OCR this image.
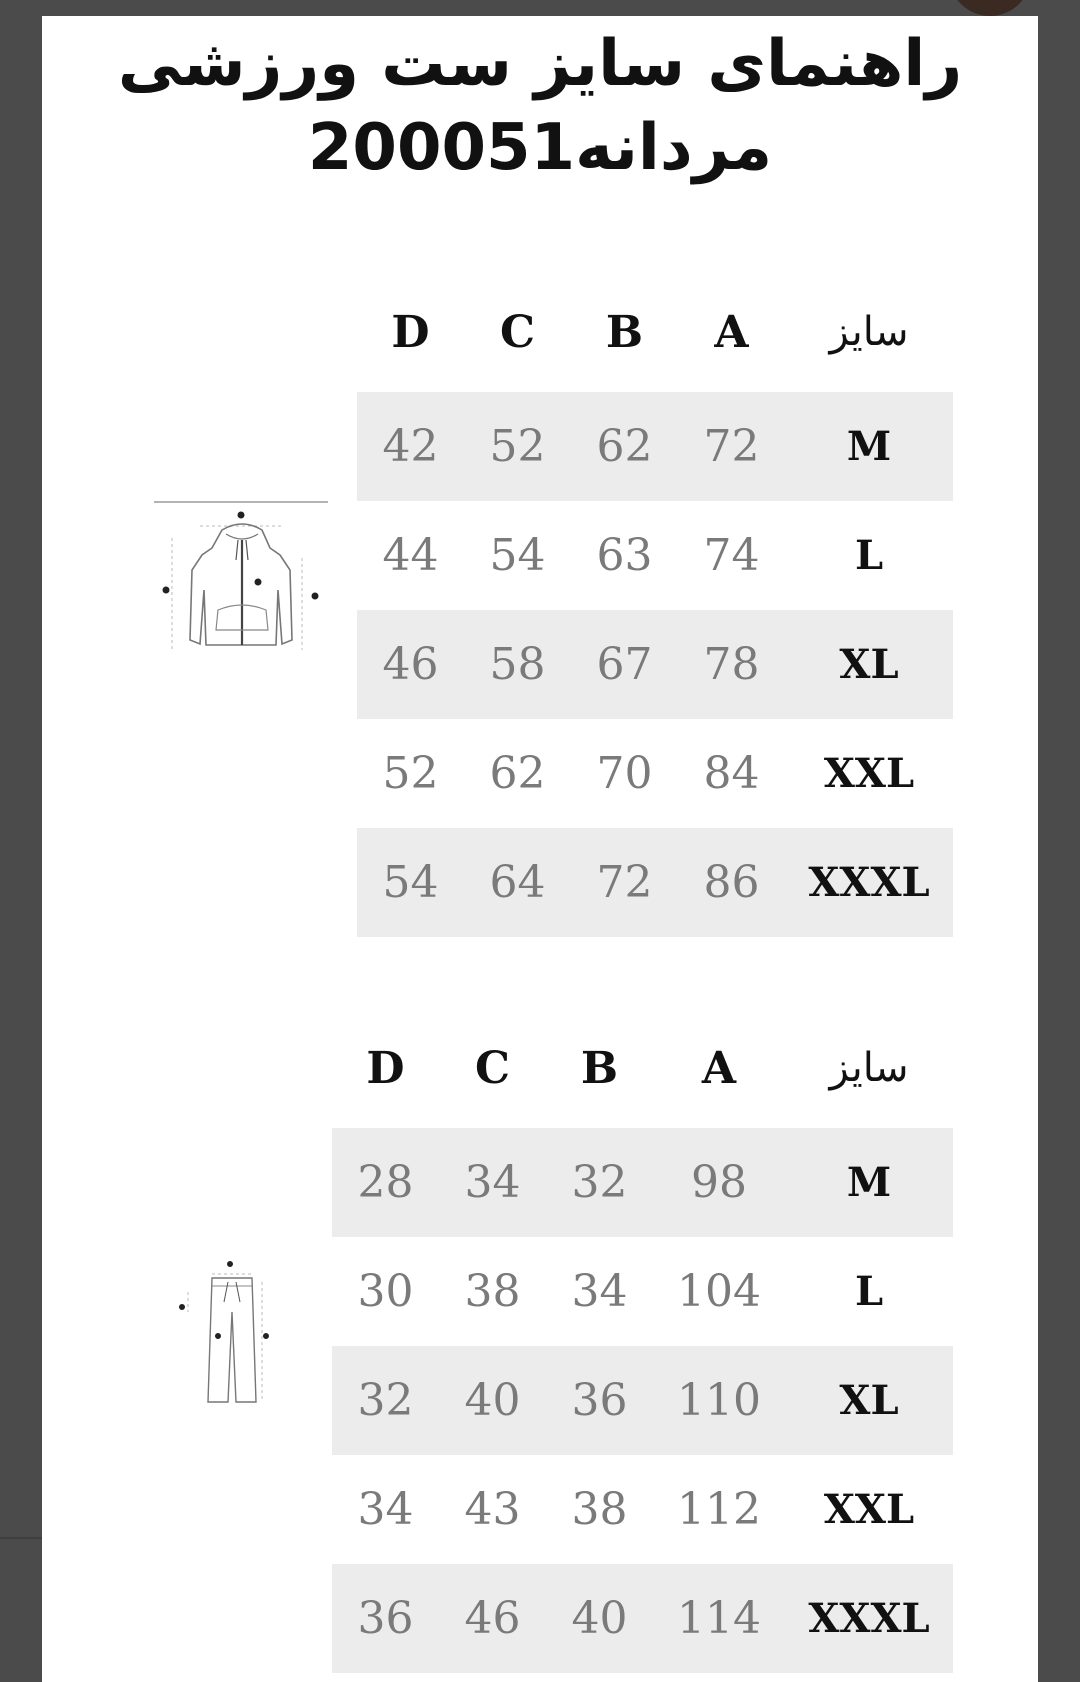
راهنمای سایز ست ورزشی
مردانه200051
D	C	B	A	سایز
42	52	62	72	M
44	54	63	74	L
46	58	67	78	XL
52	62	70	84	XXL
54	64	72	86	XXXL
D	C	B	A	سایز
28	34	32	98	M
30	38	34	104	L
32	40	36	110	XL
34	43	38	112	XXL
36	46	40	114	XXXL
